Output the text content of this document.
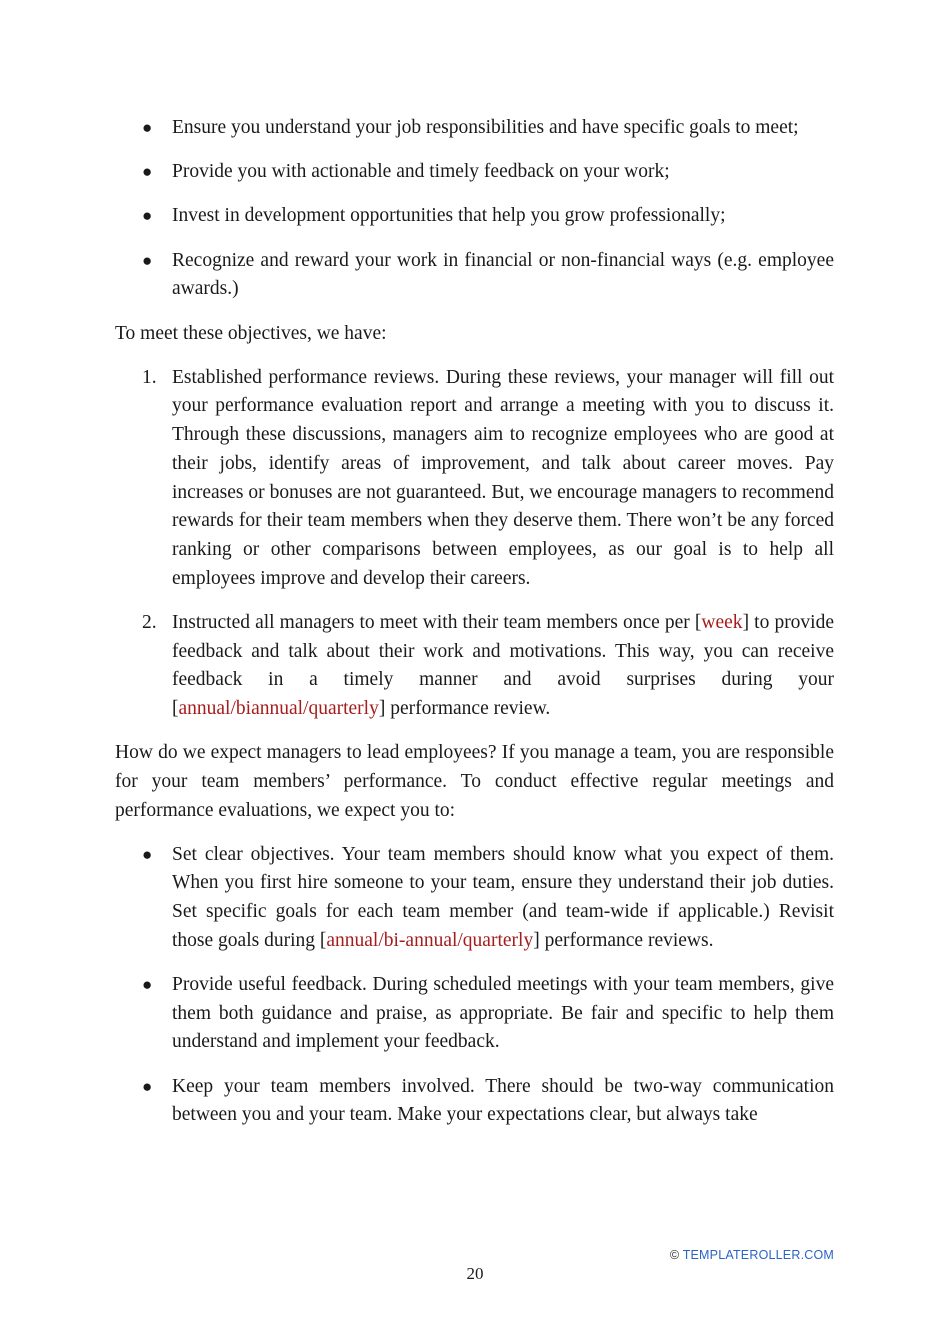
●	Ensure you understand your job responsibilities and have specific goals to meet;
●	Provide you with actionable and timely feedback on your work;
●	Invest in development opportunities that help you grow professionally;
●	Recognize and reward your work in financial or non-financial ways (e.g. employee awards.)

To meet these objectives, we have:

1. Established performance reviews. During these reviews, your manager will fill out your performance evaluation report and arrange a meeting with you to discuss it. Through these discussions, managers aim to recognize employees who are good at their jobs, identify areas of improvement, and talk about career moves. Pay increases or bonuses are not guaranteed. But, we encourage managers to recommend rewards for their team members when they deserve them. There won’t be any forced ranking or other comparisons between employees, as our goal is to help all employees improve and develop their careers.
2. Instructed all managers to meet with their team members once per [week] to provide feedback and talk about their work and motivations. This way, you can receive feedback in a timely manner and avoid surprises during your [annual/biannual/quarterly] performance review.

How do we expect managers to lead employees? If you manage a team, you are responsible for your team members’ performance. To conduct effective regular meetings and performance evaluations, we expect you to:

●	Set clear objectives. Your team members should know what you expect of them. When you first hire someone to your team, ensure they understand their job duties. Set specific goals for each team member (and team-wide if applicable.) Revisit those goals during [annual/bi-annual/quarterly] performance reviews.
●	Provide useful feedback. During scheduled meetings with your team members, give them both guidance and praise, as appropriate. Be fair and specific to help them understand and implement your feedback.
●	Keep your team members involved. There should be two-way communication between you and your team. Make your expectations clear, but always take
© TEMPLATEROLLER.COM
20
